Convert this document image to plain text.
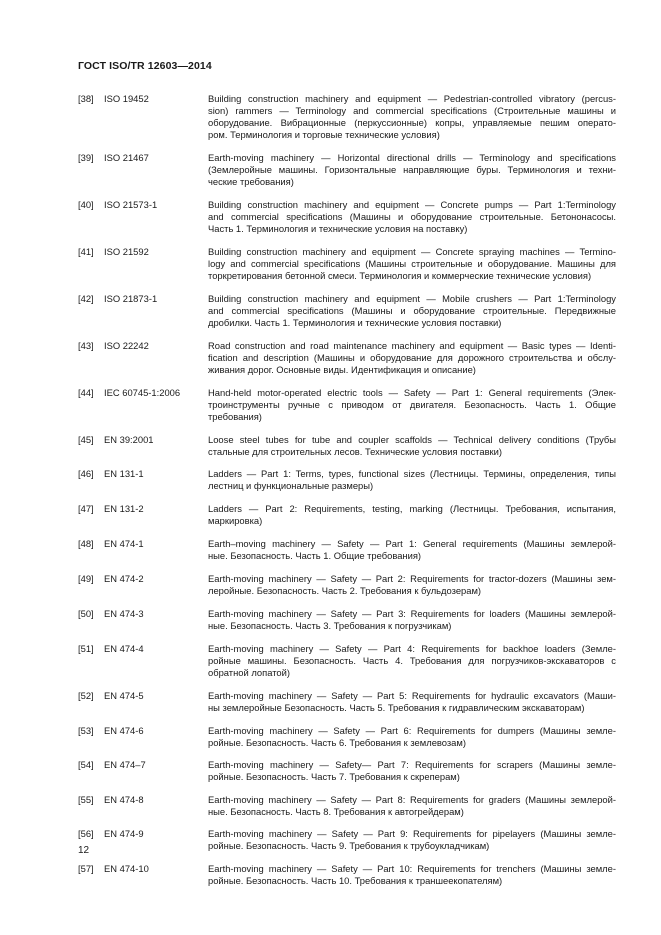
ГОСТ ISO/TR 12603—2014
[38]	ISO 19452	Building construction machinery and equipment — Pedestrian-controlled vibratory (percus-
sion) rammers — Terminology and commercial specifications (Строительные машины и
оборудование. Вибрационные (перкуссионные) копры, управляемые пешим операто-
ром. Терминология и торговые технические условия)
[39]	ISO 21467	Earth-moving machinery — Horizontal directional drills — Terminology and specifications
(Землеройные машины. Горизонтальные направляющие буры. Терминология и техни-
ческие требования)
[40]	ISO 21573-1	Building construction machinery and equipment — Concrete pumps — Part 1:Terminology
and commercial specifications (Машины и оборудование строительные. Бетононасосы.
Часть 1. Терминология и технические условия на поставку)
[41]	ISO 21592	Building construction machinery and equipment — Concrete spraying machines — Termino-
logy and commercial specifications (Машины строительные и оборудование. Машины для
торкретирования бетонной смеси. Терминология и коммерческие технические условия)
[42]	ISO 21873-1	Building construction machinery and equipment — Mobile crushers — Part 1:Terminology
and commercial specifications (Машины и оборудование строительные. Передвижные
дробилки. Часть 1. Терминология и технические условия поставки)
[43]	ISO 22242	Road construction and road maintenance machinery and equipment — Basic types — Identi-
fication and description (Машины и оборудование для дорожного строительства и обслу-
живания дорог. Основные виды. Идентификация и описание)
[44]	IEC 60745-1:2006	Hand-held motor-operated electric tools — Safety — Part 1: General requirements (Элек-
троинструменты ручные с приводом от двигателя. Безопасность. Часть 1. Общие
требования)
[45]	EN 39:2001	Loose steel tubes for tube and coupler scaffolds — Technical delivery conditions (Трубы
стальные для строительных лесов. Технические условия поставки)
[46]	EN 131-1	Ladders — Part 1: Terms, types, functional sizes (Лестницы. Термины, определения, типы
лестниц и функциональные размеры)
[47]	EN 131-2	Ladders — Part 2: Requirements, testing, marking (Лестницы. Требования, испытания,
маркировка)
[48]	EN 474-1	Earth–moving machinery — Safety — Part 1: General requirements (Машины землерой-
ные. Безопасность. Часть 1. Общие требования)
[49]	EN 474-2	Earth-moving machinery — Safety — Part 2: Requirements for tractor-dozers (Машины зем-
леройные. Безопасность. Часть 2. Требования к бульдозерам)
[50]	EN 474-3	Earth-moving machinery — Safety — Part 3: Requirements for loaders (Машины землерой-
ные. Безопасность. Часть 3. Требования к погрузчикам)
[51]	EN 474-4	Earth-moving machinery — Safety — Part 4: Requirements for backhoe loaders (Земле-
ройные машины. Безопасность. Часть 4. Требования для погрузчиков-экскаваторов с
обратной лопатой)
[52]	EN 474-5	Earth-moving machinery — Safety — Part 5: Requirements for hydraulic excavators (Маши-
ны землеройные Безопасность. Часть 5. Требования к гидравлическим экскаваторам)
[53]	EN 474-6	Earth-moving machinery — Safety — Part 6: Requirements for dumpers (Машины земле-
ройные. Безопасность. Часть 6. Требования к землевозам)
[54]	EN 474–7	Earth-moving machinery — Safety— Part 7: Requirements for scrapers (Машины земле-
ройные. Безопасность. Часть 7. Требования к скреперам)
[55]	EN 474-8	Earth-moving machinery — Safety — Part 8: Requirements for graders (Машины землерой-
ные. Безопасность. Часть 8. Требования к автогрейдерам)
[56]	EN 474-9	Earth-moving machinery — Safety — Part 9: Requirements for pipelayers (Машины земле-
ройные. Безопасность. Часть 9. Требования к трубоукладчикам)
[57]	EN 474-10	Earth-moving machinery — Safety — Part 10: Requirements for trenchers (Машины земле-
ройные. Безопасность. Часть 10. Требования к траншеекопателям)
12
